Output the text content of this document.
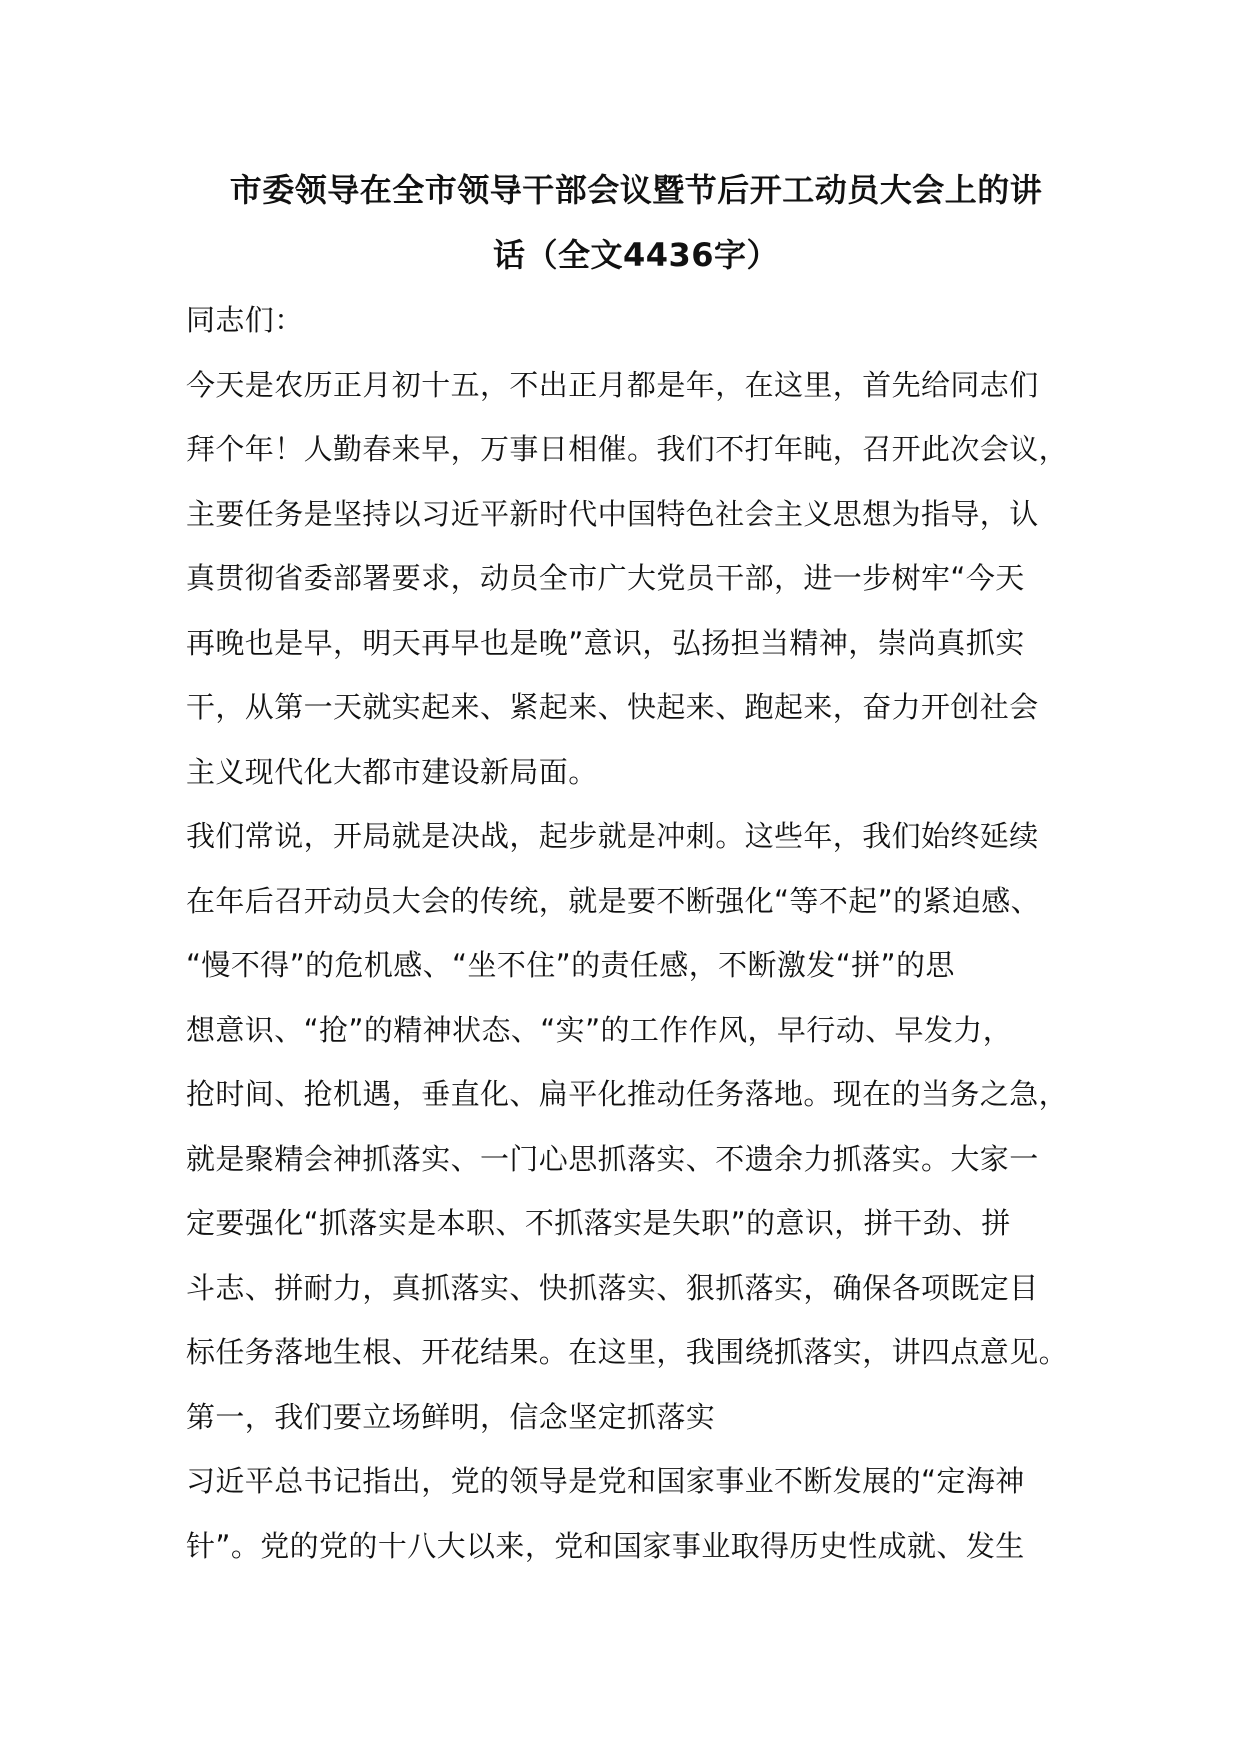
市委领导在全市领导干部会议暨节后开工动员大会上的讲
话（全文4436字）
同志们：
今天是农历正月初十五，不出正月都是年，在这里，首先给同志们
拜个年！人勤春来早，万事日相催。我们不打年盹，召开此次会议，
主要任务是坚持以习近平新时代中国特色社会主义思想为指导，认
真贯彻省委部署要求，动员全市广大党员干部，进一步树牢“今天
再晚也是早，明天再早也是晚”意识，弘扬担当精神，崇尚真抓实
干，从第一天就实起来、紧起来、快起来、跑起来，奋力开创社会
主义现代化大都市建设新局面。
我们常说，开局就是决战，起步就是冲刺。这些年，我们始终延续
在年后召开动员大会的传统，就是要不断强化“等不起”的紧迫感、
“慢不得”的危机感、“坐不住”的责任感，不断激发“拼”的思
想意识、“抢”的精神状态、“实”的工作作风，早行动、早发力，
抢时间、抢机遇，垂直化、扁平化推动任务落地。现在的当务之急，
就是聚精会神抓落实、一门心思抓落实、不遗余力抓落实。大家一
定要强化“抓落实是本职、不抓落实是失职”的意识，拼干劲、拼
斗志、拼耐力，真抓落实、快抓落实、狠抓落实，确保各项既定目
标任务落地生根、开花结果。在这里，我围绕抓落实，讲四点意见。
第一，我们要立场鲜明，信念坚定抓落实
习近平总书记指出，党的领导是党和国家事业不断发展的“定海神
针”。党的党的十八大以来，党和国家事业取得历史性成就、发生
